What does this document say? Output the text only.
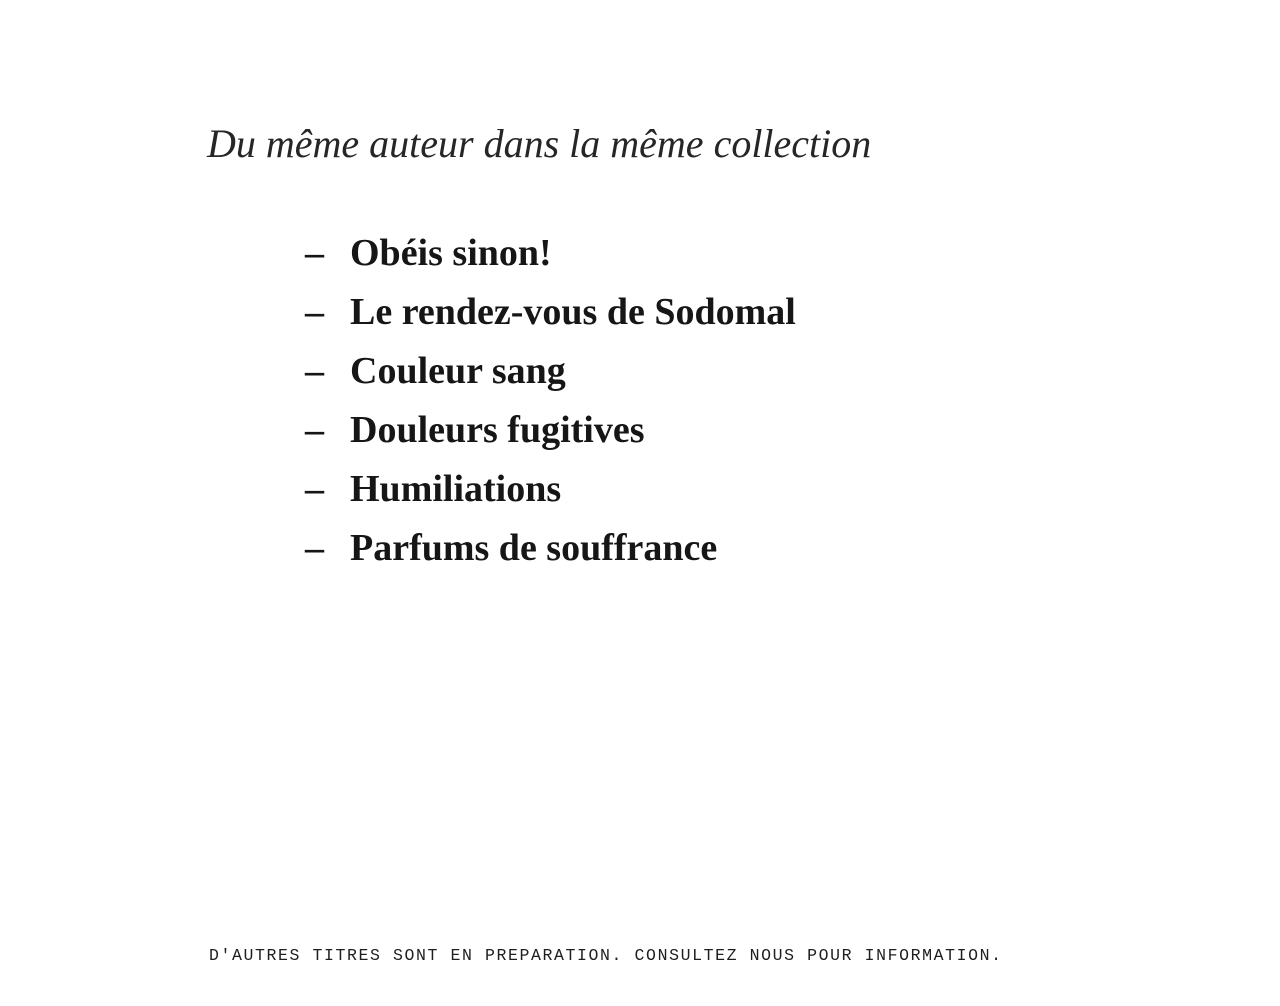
Du même auteur dans la même collection
– Obéis sinon!
– Le rendez-vous de Sodomal
– Couleur sang
– Douleurs fugitives
– Humiliations
– Parfums de souffrance

D'AUTRES TITRES SONT EN PREPARATION. CONSULTEZ NOUS POUR INFORMATION.
